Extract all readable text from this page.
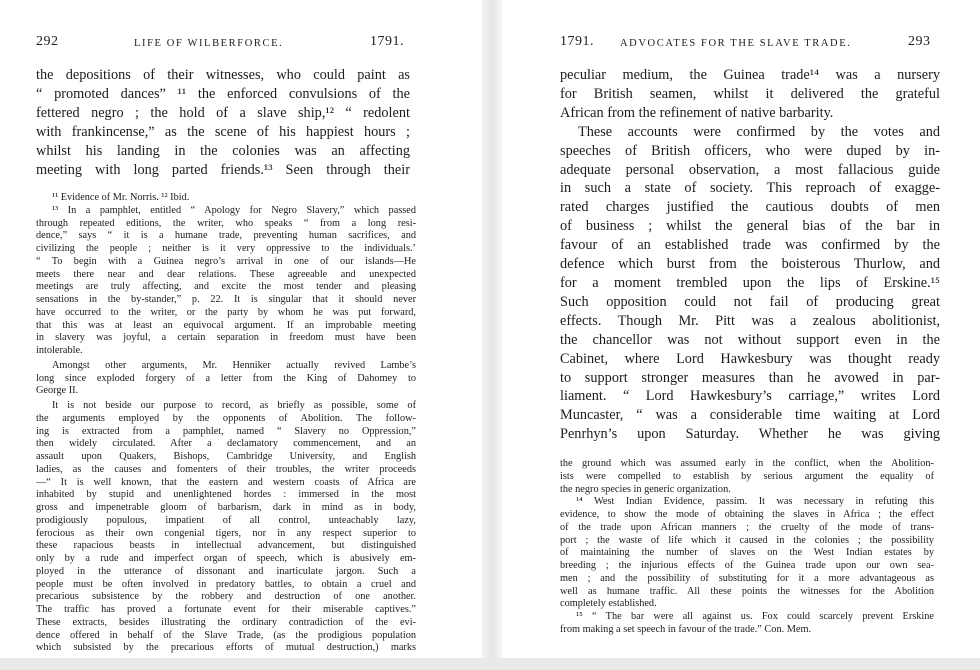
292	LIFE OF WILBERFORCE.	1791.
the depositions of their witnesses, who could paint as
“ promoted dances” ¹¹ the enforced convulsions of the
fettered negro ; the hold of a slave ship,¹² “ redolent
with frankincense,” as the scene of his happiest hours ;
whilst his landing in the colonies was an affecting
meeting with long parted friends.¹³ Seen through their
¹¹ Evidence of Mr. Norris. ¹² Ibid.
¹³ In a pamphlet, entitled “ Apology for Negro Slavery,” which passed
through repeated editions, the writer, who speaks “ from a long resi-
dence,” says “ it is a humane trade, preventing human sacrifices, and
civilizing the people ; neither is it very oppressive to the individuals.’
“ To begin with a Guinea negro’s arrival in one of our islands—He
meets there near and dear relations. These agreeable and unexpected
meetings are truly affecting, and excite the most tender and pleasing
sensations in the by-stander,” p. 22. It is singular that it should never
have occurred to the writer, or the party by whom he was put forward,
that this was at least an equivocal argument. If an improbable meeting
in slavery was joyful, a certain separation in freedom must have been
intolerable.
Amongst other arguments, Mr. Henniker actually revived Lambe’s
long since exploded forgery of a letter from the King of Dahomey to
George II.
It is not beside our purpose to record, as briefly as possible, some of
the arguments employed by the opponents of Abolition. The follow-
ing is extracted from a pamphlet, named “ Slavery no Oppression,”
then widely circulated. After a declamatory commencement, and an
assault upon Quakers, Bishops, Cambridge University, and English
ladies, as the causes and fomenters of their troubles, the writer proceeds
—“ It is well known, that the eastern and western coasts of Africa are
inhabited by stupid and unenlightened hordes : immersed in the most
gross and impenetrable gloom of barbarism, dark in mind as in body,
prodigiously populous, impatient of all control, unteachably lazy,
ferocious as their own congenial tigers, nor in any respect superior to
these rapacious beasts in intellectual advancement, but distinguished
only by a rude and imperfect organ of speech, which is abusively em-
ployed in the utterance of dissonant and inarticulate jargon. Such a
people must be often involved in predatory battles, to obtain a cruel and
precarious subsistence by the robbery and destruction of one another.
The traffic has proved a fortunate event for their miserable captives.”
These extracts, besides illustrating the ordinary contradiction of the evi-
dence offered in behalf of the Slave Trade, (as the prodigious population
which subsisted by the precarious efforts of mutual destruction,) marks
1791. ADVOCATES FOR THE SLAVE TRADE.	293
peculiar medium, the Guinea trade¹⁴ was a nursery
for British seamen, whilst it delivered the grateful
African from the refinement of native barbarity.
These accounts were confirmed by the votes and
speeches of British officers, who were duped by in-
adequate personal observation, a most fallacious guide
in such a state of society. This reproach of exagge-
rated charges justified the cautious doubts of men
of business ; whilst the general bias of the bar in
favour of an established trade was confirmed by the
defence which burst from the boisterous Thurlow, and
for a moment trembled upon the lips of Erskine.¹⁵
Such opposition could not fail of producing great
effects. Though Mr. Pitt was a zealous abolitionist,
the chancellor was not without support even in the
Cabinet, where Lord Hawkesbury was thought ready
to support stronger measures than he avowed in par-
liament. “ Lord Hawkesbury’s carriage,” writes Lord
Muncaster, “ was a considerable time waiting at Lord
Penrhyn’s upon Saturday. Whether he was giving
the ground which was assumed early in the conflict, when the Abolition-
ists were compelled to establish by serious argument the equality of
the negro species in generic organization.
¹⁴ West Indian Evidence, passim. It was necessary in refuting this
evidence, to show the mode of obtaining the slaves in Africa ; the effect
of the trade upon African manners ; the cruelty of the mode of trans-
port ; the waste of life which it caused in the colonies ; the possibility
of maintaining the number of slaves on the West Indian estates by
breeding ; the injurious effects of the Guinea trade upon our own sea-
men ; and the possibility of substituting for it a more advantageous as
well as humane traffic. All these points the witnesses for the Abolition
completely established.
¹⁵ “ The bar were all against us. Fox could scarcely prevent Erskine
from making a set speech in favour of the trade.” Con. Mem.
